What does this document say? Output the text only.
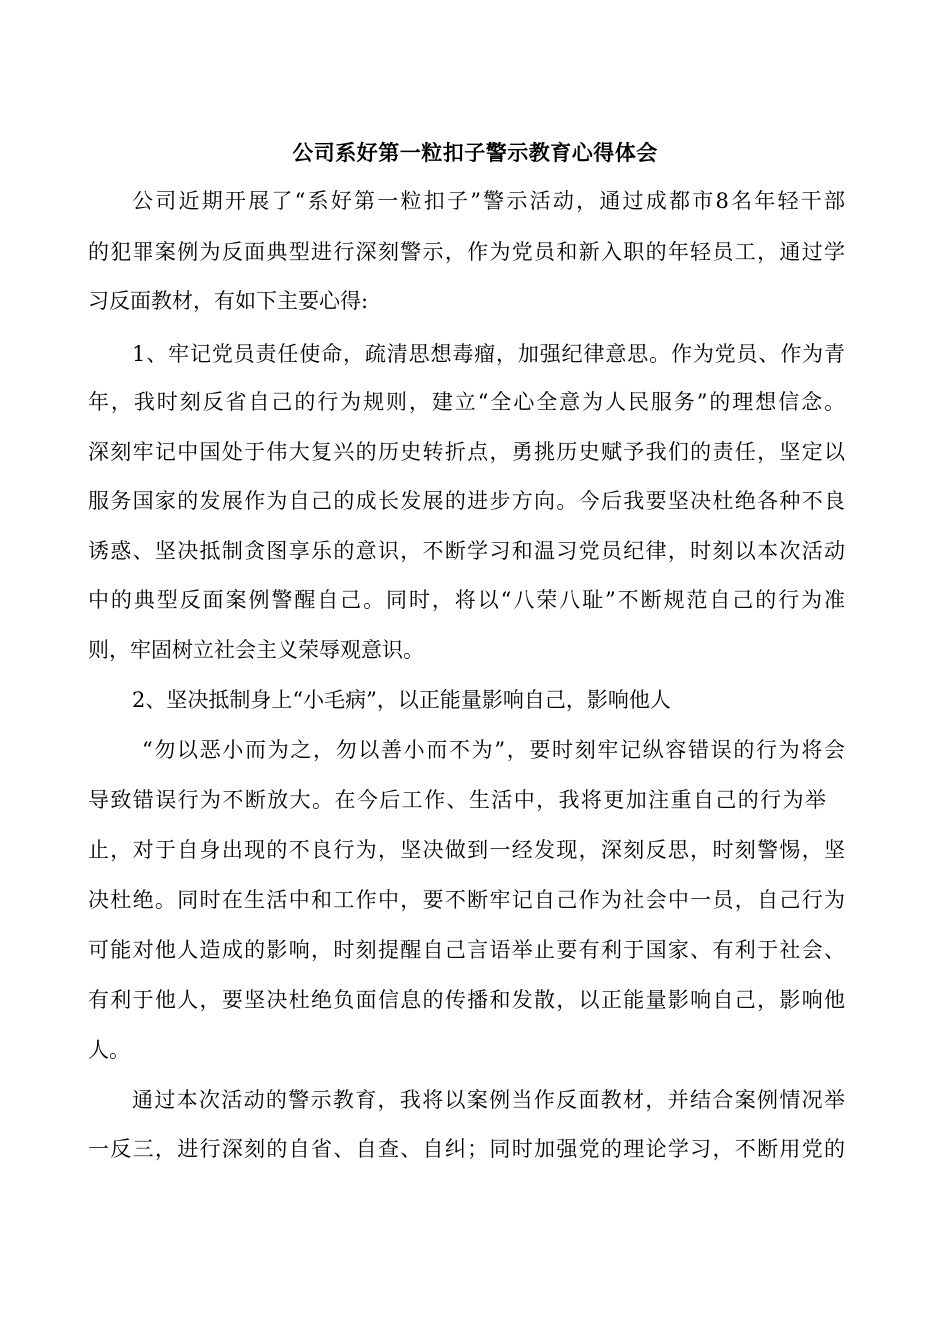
公司系好第一粒扣子警示教育心得体会
公司近期开展了“系好第一粒扣子”警示活动，通过成都市8名年轻干部
的犯罪案例为反面典型进行深刻警示，作为党员和新入职的年轻员工，通过学
习反面教材，有如下主要心得:
1、牢记党员责任使命，疏清思想毒瘤，加强纪律意思。作为党员、作为青
年，我时刻反省自己的行为规则，建立“全心全意为人民服务”的理想信念。
深刻牢记中国处于伟大复兴的历史转折点，勇挑历史赋予我们的责任，坚定以
服务国家的发展作为自己的成长发展的进步方向。今后我要坚决杜绝各种不良
诱惑、坚决抵制贪图享乐的意识，不断学习和温习党员纪律，时刻以本次活动
中的典型反面案例警醒自己。同时，将以“八荣八耻”不断规范自己的行为准
则，牢固树立社会主义荣辱观意识。
2、坚决抵制身上“小毛病”，以正能量影响自己，影响他人
“勿以恶小而为之，勿以善小而不为”，要时刻牢记纵容错误的行为将会
导致错误行为不断放大。在今后工作、生活中，我将更加注重自己的行为举
止，对于自身出现的不良行为，坚决做到一经发现，深刻反思，时刻警惕，坚
决杜绝。同时在生活中和工作中，要不断牢记自己作为社会中一员，自己行为
可能对他人造成的影响，时刻提醒自己言语举止要有利于国家、有利于社会、
有利于他人，要坚决杜绝负面信息的传播和发散，以正能量影响自己，影响他
人。
通过本次活动的警示教育，我将以案例当作反面教材，并结合案例情况举
一反三，进行深刻的自省、自查、自纠；同时加强党的理论学习，不断用党的
